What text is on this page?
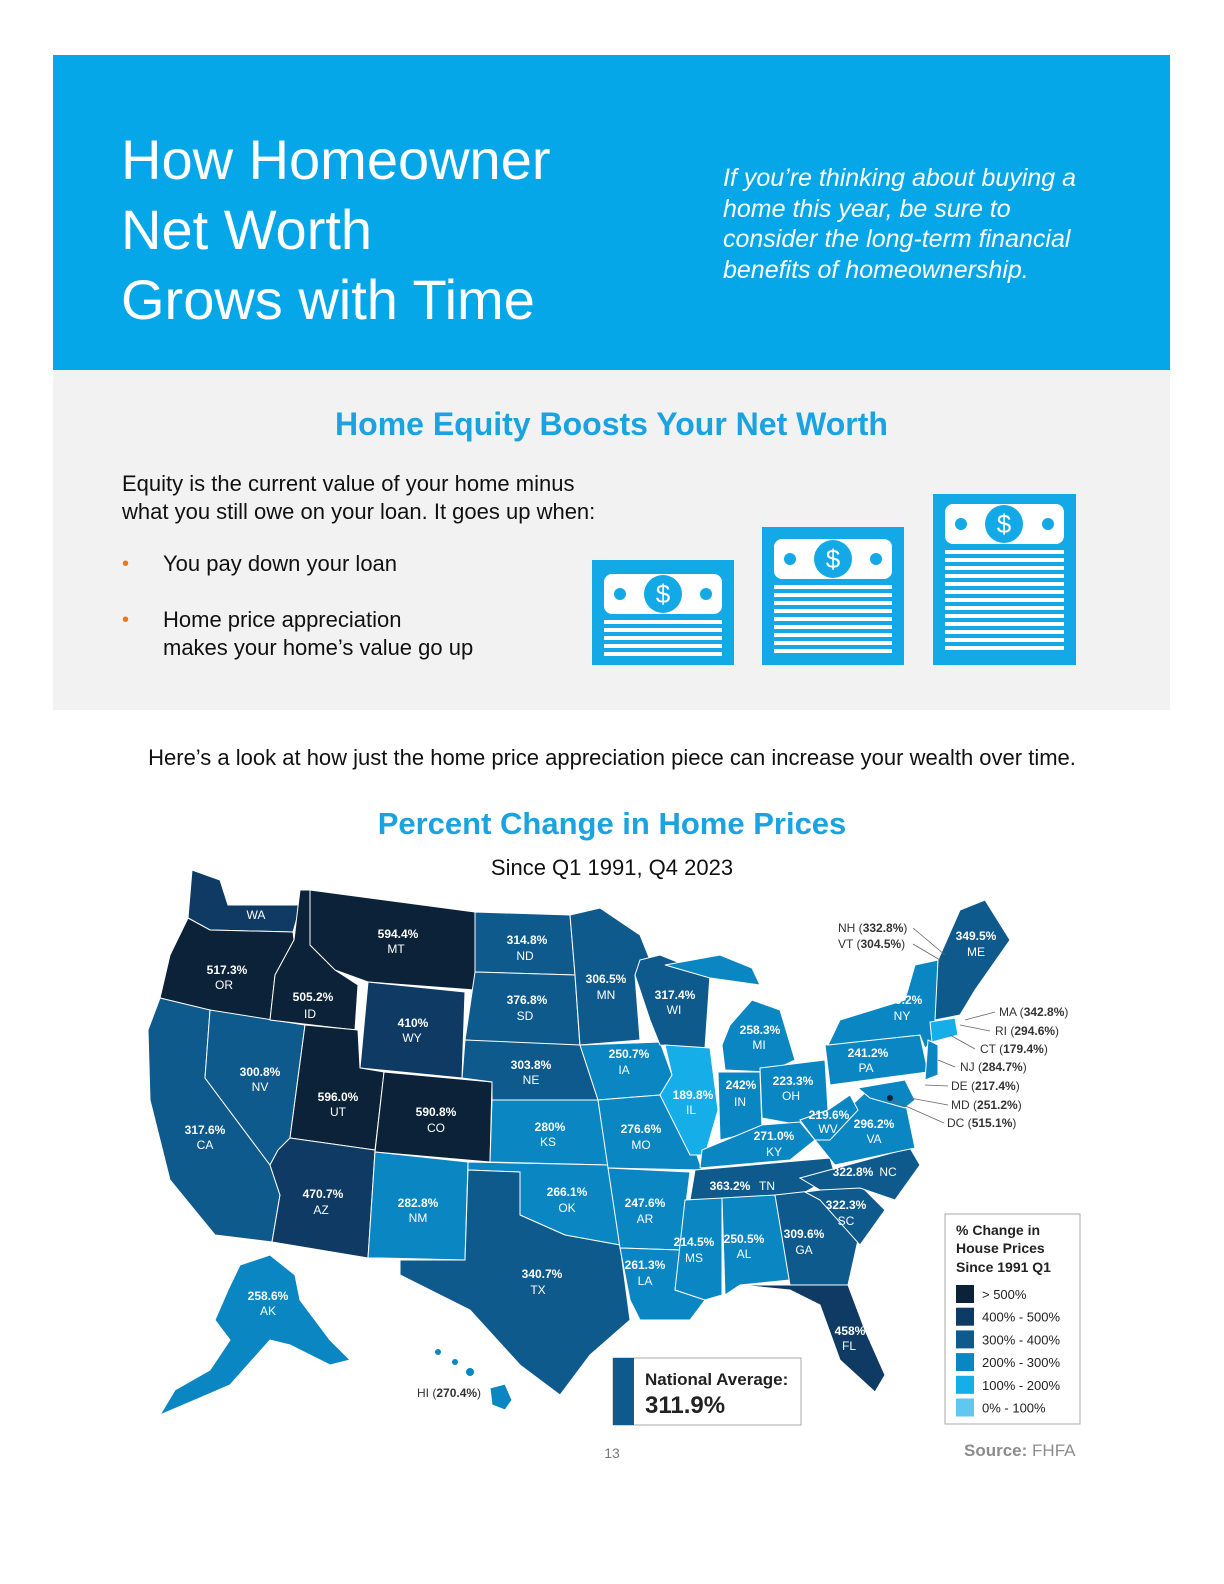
How Homeowner
Net Worth
Grows with Time

If you’re thinking about buying a
home this year, be sure to
consider the long-term financial
benefits of homeownership.

Home Equity Boosts Your Net Worth

Equity is the current value of your home minus
what you still owe on your loan. It goes up when:

• You pay down your loan
• Home price appreciation
makes your home’s value go up
$
$
$

Here’s a look at how just the home price appreciation piece can increase your wealth over time.

Percent Change in Home Prices

Since Q1 1991, Q4 2023

470.4%
WA
517.3%
OR
317.6%
CA
300.8%
NV
505.2%
ID
594.4%
MT
410%
WY
596.0%
UT	590.8%
CO
470.7%
AZ	282.8%
NM
314.8%
ND
376.8%
SD
303.8%
NE
280%
KS
266.1%
OK
340.7%
TX
306.5%
MN
250.7%
IA
276.6%
MO
247.6%
AR
261.3%
LA
317.4%
WI
189.8%
IL
258.3%
MI
242%
IN
223.3%
OH
271.0%
KY
363.2% TN
214.5%
MS
250.5%
AL
309.6%
GA
458%
FL
322.3%
SC
322.8% NC
296.2%
VA
219.6%
WV
241.2%
PA
279.2%
NY
349.5%
ME
258.6%
AK
HI (270.4%)
NH (332.8%)
VT (304.5%)
MA (342.8%)
RI (294.6%)
CT (179.4%)
NJ (284.7%)
DE (217.4%)
MD (251.2%)
DC (515.1%)
National Average:
311.9%
% Change in
House Prices
Since 1991 Q1
> 500%
400% - 500%
300% - 400%
200% - 300%
100% - 200%
0% - 100%
13	Source: FHFA
